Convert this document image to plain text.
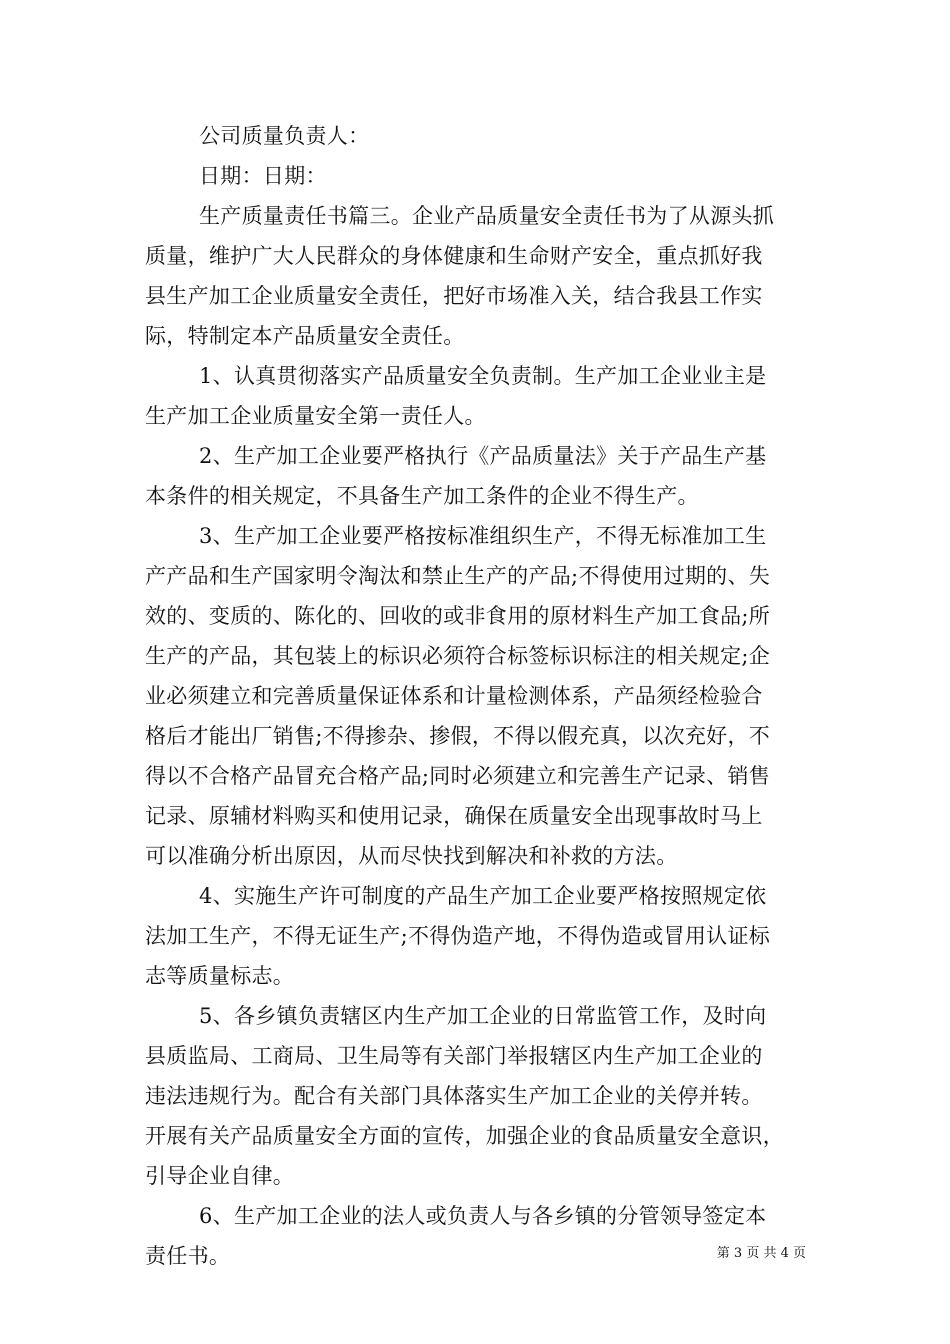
公司质量负责人：

日期：日期：

生产质量责任书篇三。企业产品质量安全责任书为了从源头抓

质量，维护广大人民群众的身体健康和生命财产安全，重点抓好我

县生产加工企业质量安全责任，把好市场准入关，结合我县工作实

际，特制定本产品质量安全责任。

1、认真贯彻落实产品质量安全负责制。生产加工企业业主是

生产加工企业质量安全第一责任人。

2、生产加工企业要严格执行《产品质量法》关于产品生产基

本条件的相关规定，不具备生产加工条件的企业不得生产。

3、生产加工企业要严格按标准组织生产，不得无标准加工生

产产品和生产国家明令淘汰和禁止生产的产品;不得使用过期的、失

效的、变质的、陈化的、回收的或非食用的原材料生产加工食品;所

生产的产品，其包装上的标识必须符合标签标识标注的相关规定;企

业必须建立和完善质量保证体系和计量检测体系，产品须经检验合

格后才能出厂销售;不得掺杂、掺假，不得以假充真，以次充好，不

得以不合格产品冒充合格产品;同时必须建立和完善生产记录、销售

记录、原辅材料购买和使用记录，确保在质量安全出现事故时马上

可以准确分析出原因，从而尽快找到解决和补救的方法。

4、实施生产许可制度的产品生产加工企业要严格按照规定依

法加工生产，不得无证生产;不得伪造产地，不得伪造或冒用认证标

志等质量标志。

5、各乡镇负责辖区内生产加工企业的日常监管工作，及时向

县质监局、工商局、卫生局等有关部门举报辖区内生产加工企业的

违法违规行为。配合有关部门具体落实生产加工企业的关停并转。

开展有关产品质量安全方面的宣传，加强企业的食品质量安全意识，

引导企业自律。

6、生产加工企业的法人或负责人与各乡镇的分管领导签定本

责任书。	第 3 页 共 4 页
